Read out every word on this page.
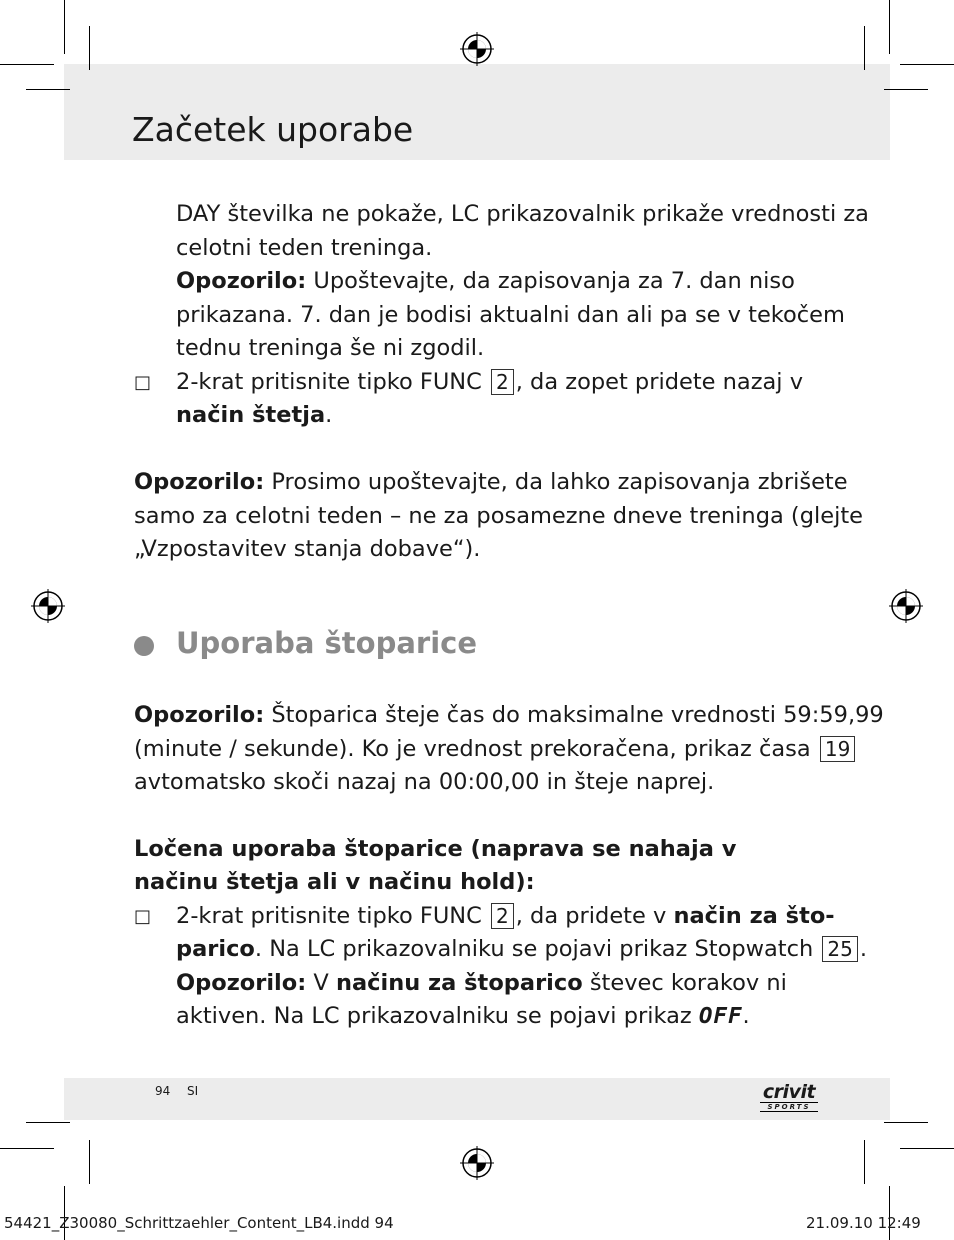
Začetek uporabe

DAY številka ne pokaže, LC prikazovalnik prikaže vrednosti za

celotni teden treninga.

Opozorilo: Upoštevajte, da zapisovanja za 7. dan niso

prikazana. 7. dan je bodisi aktualni dan ali pa se v tekočem

tednu treninga še ni zgodil.

□ 2-krat pritisnite tipko FUNC 2 , da zopet pridete nazaj v

način štetja.

Opozorilo: Prosimo upoštevajte, da lahko zapisovanja zbrišete

samo za celotni teden – ne za posamezne dneve treninga (glejte

„Vzpostavitev stanja dobave“).

Uporaba štoparice

Opozorilo: Štoparica šteje čas do maksimalne vrednosti 59:59,99

(minute / sekunde). Ko je vrednost prekoračena, prikaz časa 19

avtomatsko skoči nazaj na 00:00,00 in šteje naprej.

Ločena uporaba štoparice (naprava se nahaja v

načinu štetja ali v načinu hold):

□ 2-krat pritisnite tipko FUNC 2 , da pridete v način za što-

parico. Na LC prikazovalniku se pojavi prikaz Stopwatch 25 .

Opozorilo: V načinu za štoparico števec korakov ni

aktiven. Na LC prikazovalniku se pojavi prikaz OFF.

94 SI	crivit
SPORTS
54421_Z30080_Schrittzaehler_Content_LB4.indd 94	21.09.10 12:49
